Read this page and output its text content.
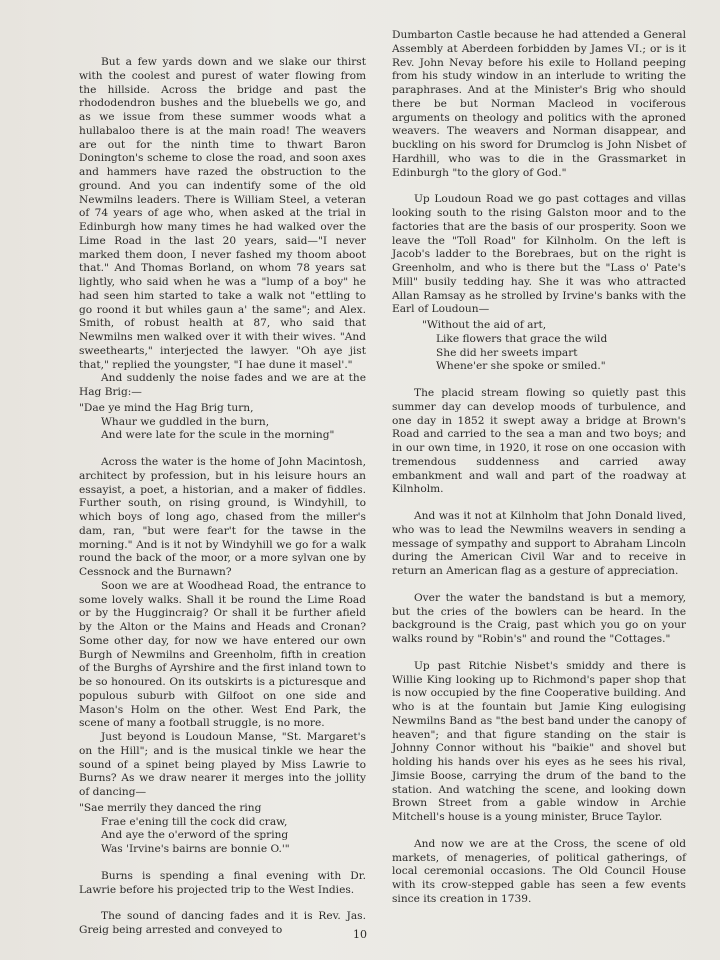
But a few yards down and we slake our thirst with the coolest and purest of water flowing from the hillside. Across the bridge and past the rhododendron bushes and the bluebells we go, and as we issue from these summer woods what a hullabaloo there is at the main road! The weavers are out for the ninth time to thwart Baron Donington's scheme to close the road, and soon axes and hammers have razed the obstruction to the ground. And you can indentify some of the old Newmilns leaders. There is William Steel, a veteran of 74 years of age who, when asked at the trial in Edinburgh how many times he had walked over the Lime Road in the last 20 years, said—"I never marked them doon, I never fashed my thoom aboot that." And Thomas Borland, on whom 78 years sat lightly, who said when he was a "lump of a boy" he had seen him started to take a walk not "ettling to go roond it but whiles gaun a' the same"; and Alex. Smith, of robust health at 87, who said that Newmilns men walked over it with their wives. "And sweethearts," interjected the lawyer. "Oh aye jist that," replied the youngster, "I hae dune it masel'."

And suddenly the noise fades and we are at the Hag Brig:—

"Dae ye mind the Hag Brig turn,
Whaur we guddled in the burn,
And were late for the scule in the morning"

Across the water is the home of John Macintosh, architect by profession, but in his leisure hours an essayist, a poet, a historian, and a maker of fiddles. Further south, on rising ground, is Windyhill, to which boys of long ago, chased from the miller's dam, ran, "but were fear't for the tawse in the morning." And is it not by Windyhill we go for a walk round the back of the moor, or a more sylvan one by Cessnock and the Burnawn?

Soon we are at Woodhead Road, the entrance to some lovely walks. Shall it be round the Lime Road or by the Huggincraig? Or shall it be further afield by the Alton or the Mains and Heads and Cronan? Some other day, for now we have entered our own Burgh of Newmilns and Greenholm, fifth in creation of the Burghs of Ayrshire and the first inland town to be so honoured. On its outskirts is a picturesque and populous suburb with Gilfoot on one side and Mason's Holm on the other. West End Park, the scene of many a football struggle, is no more.

Just beyond is Loudoun Manse, "St. Margaret's on the Hill"; and is the musical tinkle we hear the sound of a spinet being played by Miss Lawrie to Burns? As we draw nearer it merges into the jollity of dancing—

"Sae merrily they danced the ring
Frae e'ening till the cock did craw,
And aye the o'erword of the spring
Was 'Irvine's bairns are bonnie O.'"

Burns is spending a final evening with Dr. Lawrie before his projected trip to the West Indies.

The sound of dancing fades and it is Rev. Jas. Greig being arrested and conveyed to

Dumbarton Castle because he had attended a General Assembly at Aberdeen forbidden by James VI.; or is it Rev. John Nevay before his exile to Holland peeping from his study window in an interlude to writing the paraphrases. And at the Minister's Brig who should there be but Norman Macleod in vociferous arguments on theology and politics with the aproned weavers. The weavers and Norman disappear, and buckling on his sword for Drumclog is John Nisbet of Hardhill, who was to die in the Grassmarket in Edinburgh "to the glory of God."

Up Loudoun Road we go past cottages and villas looking south to the rising Galston moor and to the factories that are the basis of our prosperity. Soon we leave the "Toll Road" for Kilnholm. On the left is Jacob's ladder to the Borebraes, but on the right is Greenholm, and who is there but the "Lass o' Pate's Mill" busily tedding hay. She it was who attracted Allan Ramsay as he strolled by Irvine's banks with the Earl of Loudoun—

"Without the aid of art,
Like flowers that grace the wild
She did her sweets impart
Whene'er she spoke or smiled."

The placid stream flowing so quietly past this summer day can develop moods of turbulence, and one day in 1852 it swept away a bridge at Brown's Road and carried to the sea a man and two boys; and in our own time, in 1920, it rose on one occasion with tremendous suddenness and carried away embankment and wall and part of the roadway at Kilnholm.

And was it not at Kilnholm that John Donald lived, who was to lead the Newmilns weavers in sending a message of sympathy and support to Abraham Lincoln during the American Civil War and to receive in return an American flag as a gesture of appreciation.

Over the water the bandstand is but a memory, but the cries of the bowlers can be heard. In the background is the Craig, past which you go on your walks round by "Robin's" and round the "Cottages."

Up past Ritchie Nisbet's smiddy and there is Willie King looking up to Richmond's paper shop that is now occupied by the fine Cooperative building. And who is at the fountain but Jamie King eulogising Newmilns Band as "the best band under the canopy of heaven"; and that figure standing on the stair is Johnny Connor without his "baikie" and shovel but holding his hands over his eyes as he sees his rival, Jimsie Boose, carrying the drum of the band to the station. And watching the scene, and looking down Brown Street from a gable window in Archie Mitchell's house is a young minister, Bruce Taylor.

And now we are at the Cross, the scene of old markets, of menageries, of political gatherings, of local ceremonial occasions. The Old Council House with its crow-stepped gable has seen a few events since its creation in 1739.

10
